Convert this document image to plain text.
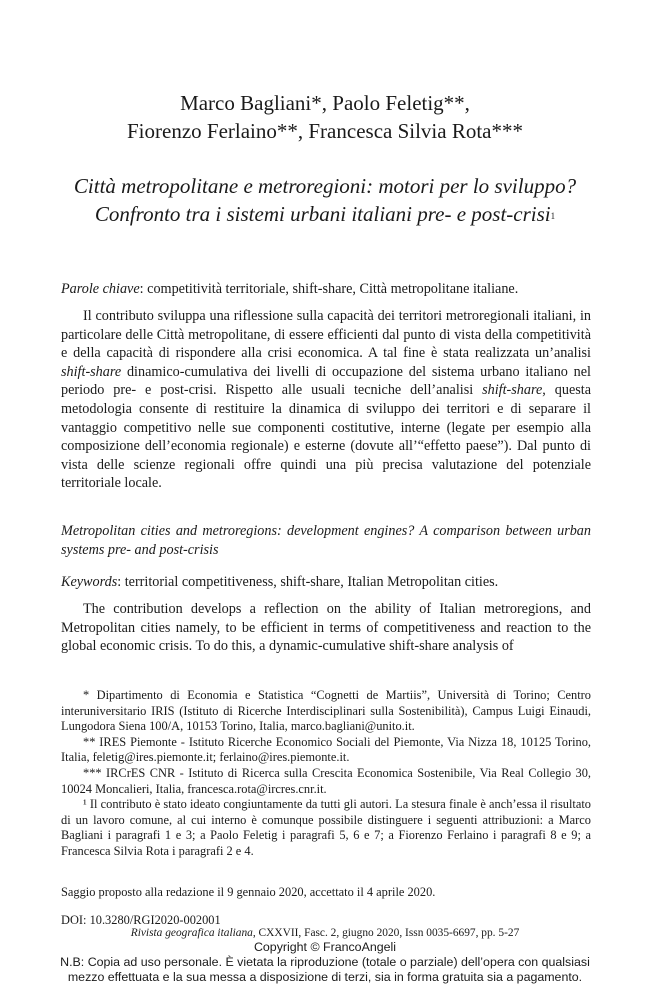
Marco Bagliani*, Paolo Feletig**,
Fiorenzo Ferlaino**, Francesca Silvia Rota***
Città metropolitane e metroregioni: motori per lo sviluppo?
Confronto tra i sistemi urbani italiani pre- e post-crisi$^1$
Parole chiave: competitività territoriale, shift-share, Città metropolitane italiane.
Il contributo sviluppa una riflessione sulla capacità dei territori metroregionali italiani, in particolare delle Città metropolitane, di essere efficienti dal punto di vista della competitività e della capacità di rispondere alla crisi economica. A tal fine è stata realizzata un’analisi shift-share dinamico-cumulativa dei livelli di occupazione del sistema urbano italiano nel periodo pre- e post-crisi. Rispetto alle usuali tecniche dell’analisi shift-share, questa metodologia consente di restituire la dinamica di sviluppo dei territori e di separare il vantaggio competitivo nelle sue componenti costitutive, interne (legate per esempio alla composizione dell’economia regionale) e esterne (dovute all’“effetto paese”). Dal punto di vista delle scienze regionali offre quindi una più precisa valutazione del potenziale territoriale locale.
Metropolitan cities and metroregions: development engines? A comparison between urban systems pre- and post-crisis
Keywords: territorial competitiveness, shift-share, Italian Metropolitan cities.
The contribution develops a reflection on the ability of Italian metroregions, and Metropolitan cities namely, to be efficient in terms of competitiveness and reaction to the global economic crisis. To do this, a dynamic-cumulative shift-share analysis of

* Dipartimento di Economia e Statistica “Cognetti de Martiis”, Università di Torino; Centro interuniversitario IRIS (Istituto di Ricerche Interdisciplinari sulla Sostenibilità), Campus Luigi Einaudi, Lungodora Siena 100/A, 10153 Torino, Italia, marco.bagliani@unito.it.

** IRES Piemonte - Istituto Ricerche Economico Sociali del Piemonte, Via Nizza 18, 10125 Torino, Italia, feletig@ires.piemonte.it; ferlaino@ires.piemonte.it.

*** IRCrES CNR - Istituto di Ricerca sulla Crescita Economica Sostenibile, Via Real Collegio 30, 10024 Moncalieri, Italia, francesca.rota@ircres.cnr.it.

¹ Il contributo è stato ideato congiuntamente da tutti gli autori. La stesura finale è anch’essa il risultato di un lavoro comune, al cui interno è comunque possibile distinguere i seguenti attribuzioni: a Marco Bagliani i paragrafi 1 e 3; a Paolo Feletig i paragrafi 5, 6 e 7; a Fiorenzo Ferlaino i paragrafi 8 e 9; a Francesca Silvia Rota i paragrafi 2 e 4.

Saggio proposto alla redazione il 9 gennaio 2020, accettato il 4 aprile 2020.
DOI: 10.3280/RGI2020-002001
Rivista geografica italiana, CXXVII, Fasc. 2, giugno 2020, Issn 0035-6697, pp. 5-27
Copyright © FrancoAngeli
N.B: Copia ad uso personale. È vietata la riproduzione (totale o parziale) dell’opera con qualsiasi
mezzo effettuata e la sua messa a disposizione di terzi, sia in forma gratuita sia a pagamento.
